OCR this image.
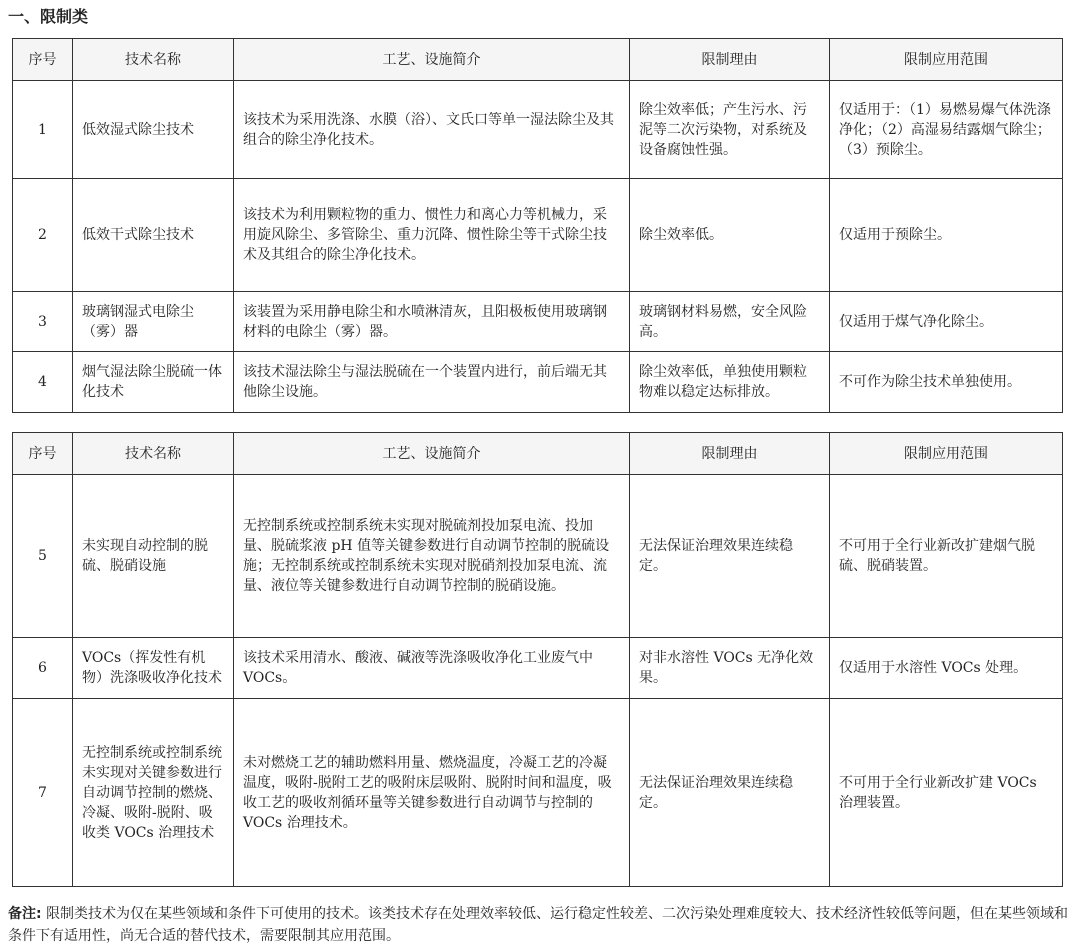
一、限制类
序号	技术名称	工艺、设施简介	限制理由	限制应用范围
1	低效湿式除尘技术	该技术为采用洗涤、水膜（浴）、文氏口等单一湿法除尘及其组合的除尘净化技术。	除尘效率低；产生污水、污泥等二次污染物，对系统及设备腐蚀性强。	仅适用于：（1）易燃易爆气体洗涤净化；（2）高湿易结露烟气除尘；（3）预除尘。
2	低效干式除尘技术	该技术为利用颗粒物的重力、惯性力和离心力等机械力，采用旋风除尘、多管除尘、重力沉降、惯性除尘等干式除尘技术及其组合的除尘净化技术。	除尘效率低。	仅适用于预除尘。
3	玻璃钢湿式电除尘（雾）器	该装置为采用静电除尘和水喷淋清灰，且阳极板使用玻璃钢材料的电除尘（雾）器。	玻璃钢材料易燃，安全风险高。	仅适用于煤气净化除尘。
4	烟气湿法除尘脱硫一体化技术	该技术湿法除尘与湿法脱硫在一个装置内进行，前后端无其他除尘设施。	除尘效率低，单独使用颗粒物难以稳定达标排放。	不可作为除尘技术单独使用。
序号	技术名称	工艺、设施简介	限制理由	限制应用范围
5	未实现自动控制的脱硫、脱硝设施	无控制系统或控制系统未实现对脱硫剂投加泵电流、投加量、脱硫浆液 pH 值等关键参数进行自动调节控制的脱硫设施；无控制系统或控制系统未实现对脱硝剂投加泵电流、流量、液位等关键参数进行自动调节控制的脱硝设施。	无法保证治理效果连续稳定。	不可用于全行业新改扩建烟气脱硫、脱硝装置。
6	VOCs（挥发性有机物）洗涤吸收净化技术	该技术采用清水、酸液、碱液等洗涤吸收净化工业废气中 VOCs。	对非水溶性 VOCs 无净化效果。	仅适用于水溶性 VOCs 处理。
7	无控制系统或控制系统未实现对关键参数进行自动调节控制的燃烧、冷凝、吸附-脱附、吸收类 VOCs 治理技术	未对燃烧工艺的辅助燃料用量、燃烧温度，冷凝工艺的冷凝温度，吸附-脱附工艺的吸附床层吸附、脱附时间和温度，吸收工艺的吸收剂循环量等关键参数进行自动调节与控制的 VOCs 治理技术。	无法保证治理效果连续稳定。	不可用于全行业新改扩建 VOCs 治理装置。
备注: 限制类技术为仅在某些领域和条件下可使用的技术。该类技术存在处理效率较低、运行稳定性较差、二次污染处理难度较大、技术经济性较低等问题，但在某些领域和条件下有适用性，尚无合适的替代技术，需要限制其应用范围。
